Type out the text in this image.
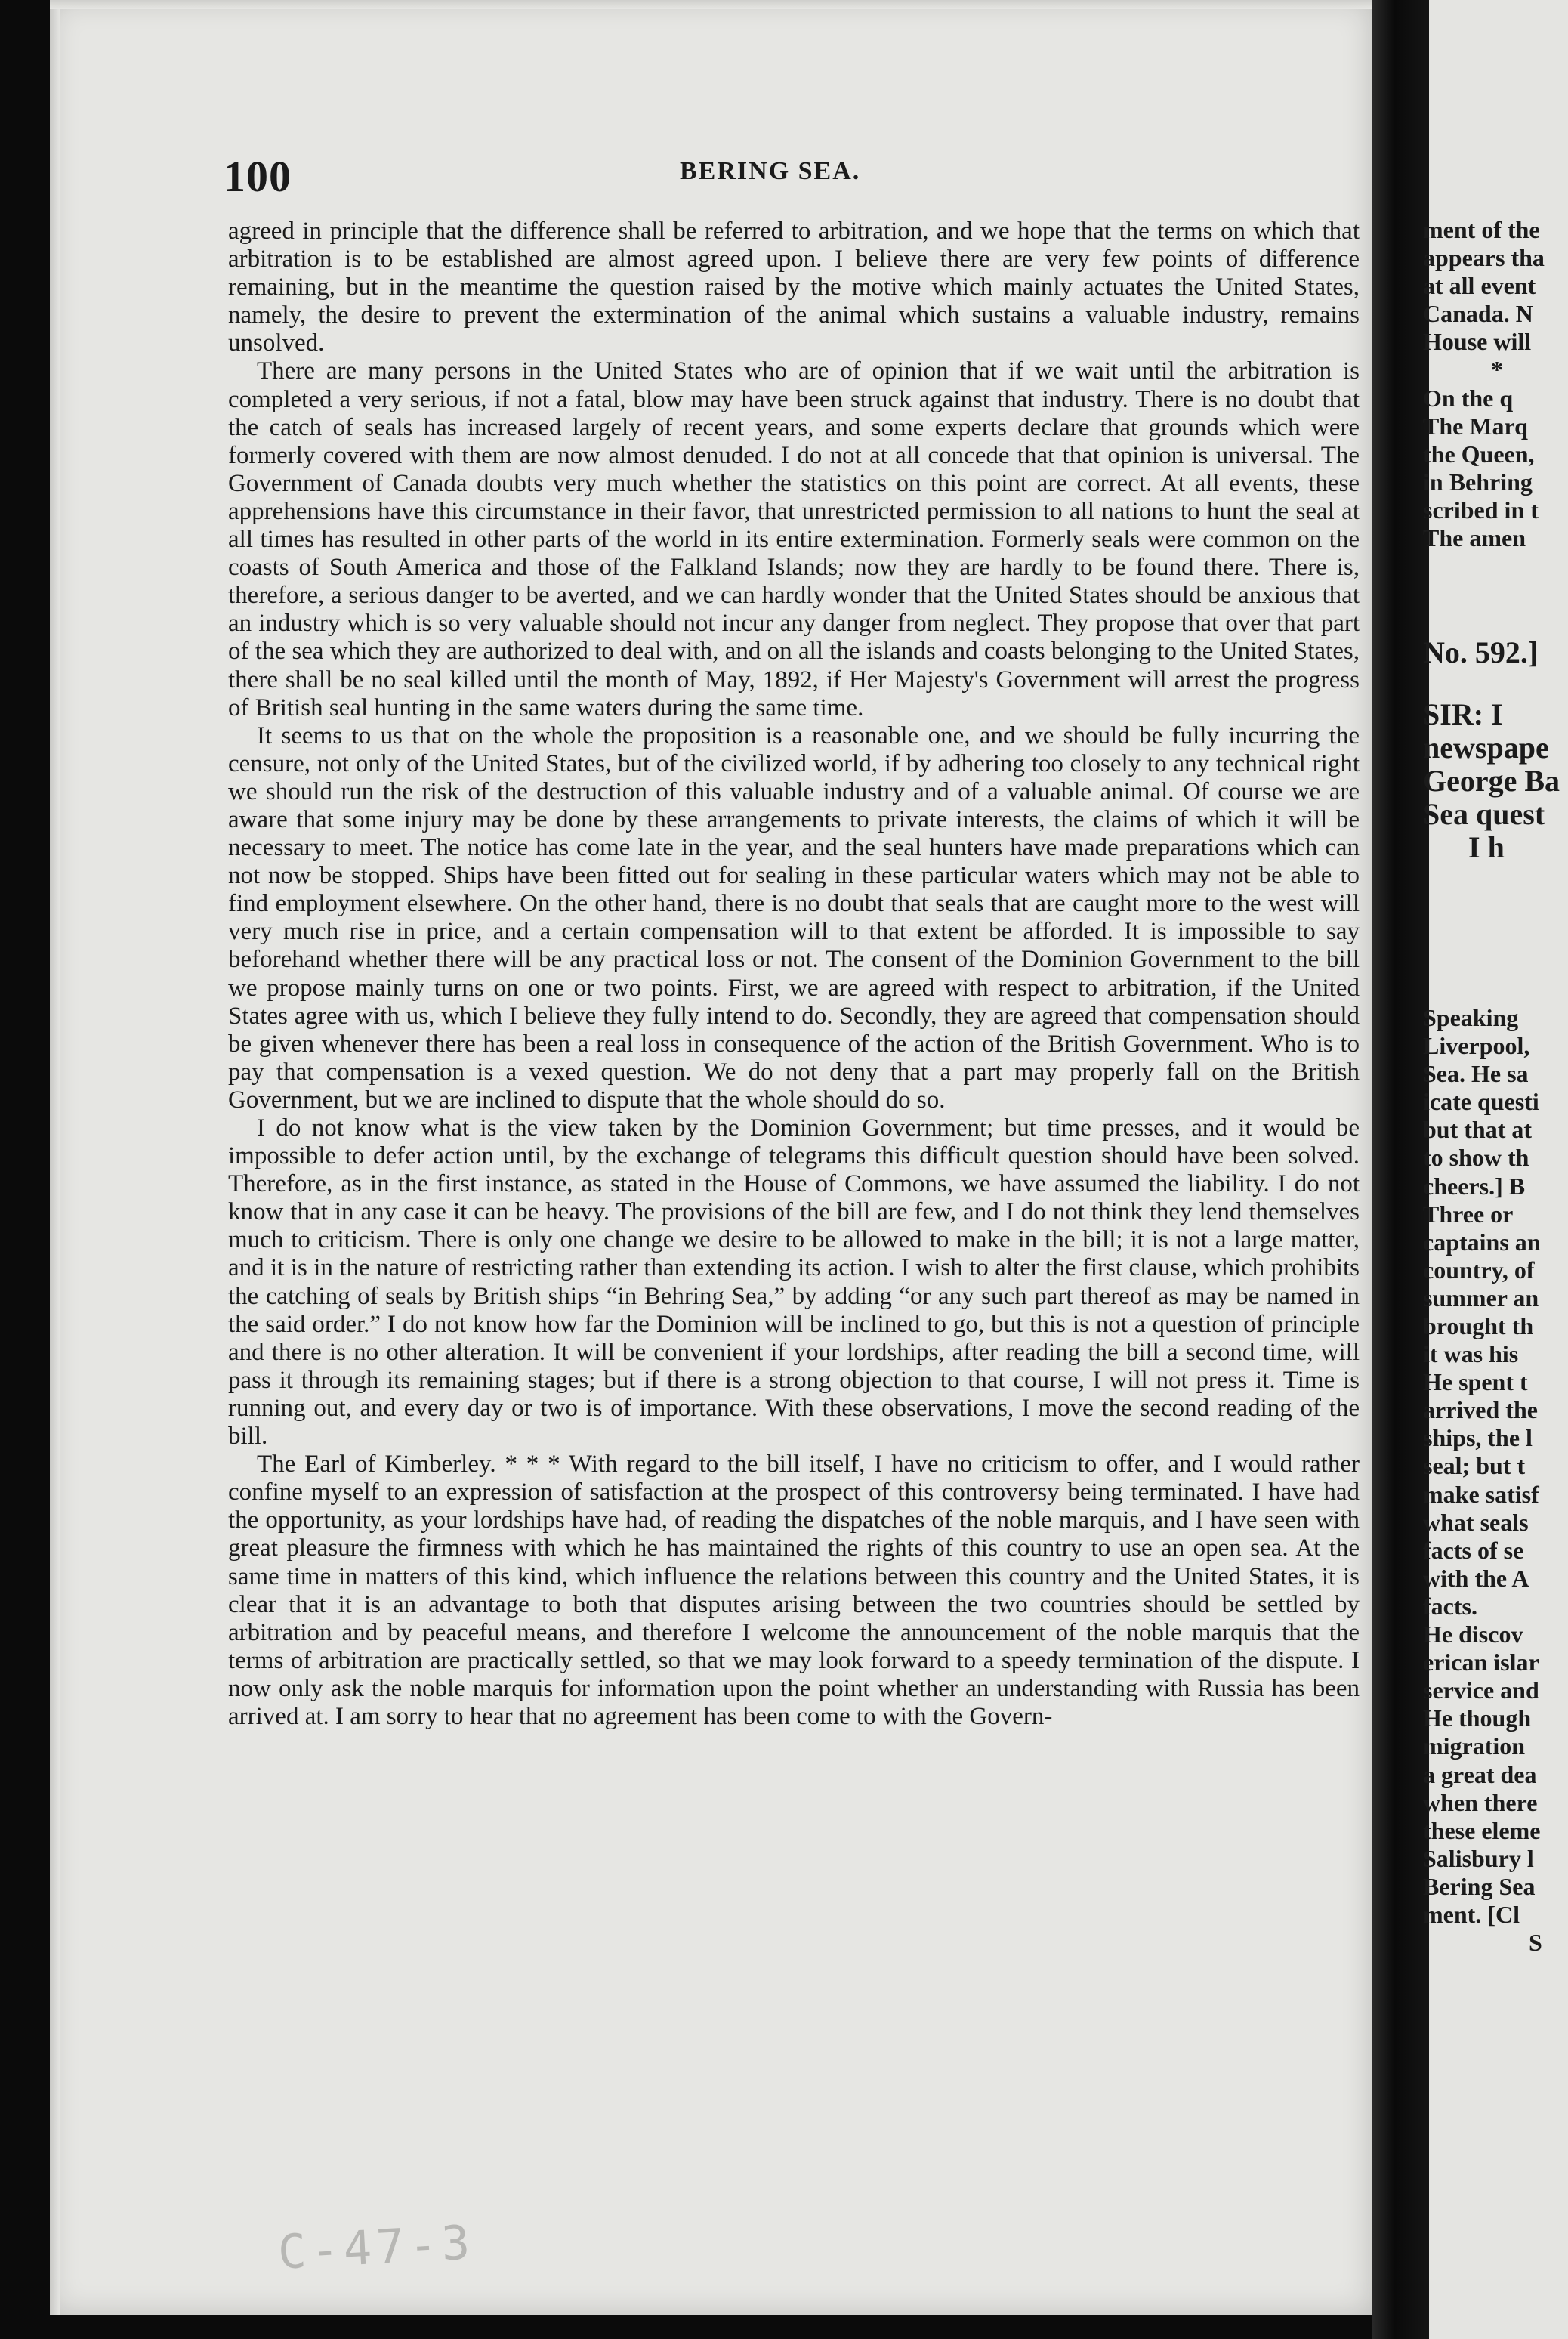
100	BERING SEA.

agreed in principle that the difference shall be referred to arbitration, and we hope that the terms on which that arbitration is to be established are almost agreed upon. I believe there are very few points of difference remaining, but in the meantime the question raised by the motive which mainly actuates the United States, namely, the desire to prevent the extermination of the animal which sustains a valuable industry, remains unsolved.

There are many persons in the United States who are of opinion that if we wait until the arbitration is completed a very serious, if not a fatal, blow may have been struck against that industry. There is no doubt that the catch of seals has increased largely of recent years, and some experts declare that grounds which were formerly covered with them are now almost denuded. I do not at all concede that that opinion is universal. The Government of Canada doubts very much whether the statistics on this point are correct. At all events, these apprehensions have this circumstance in their favor, that unrestricted permission to all nations to hunt the seal at all times has resulted in other parts of the world in its entire extermination. Formerly seals were common on the coasts of South America and those of the Falkland Islands; now they are hardly to be found there. There is, therefore, a serious danger to be averted, and we can hardly wonder that the United States should be anxious that an industry which is so very valuable should not incur any danger from neglect. They propose that over that part of the sea which they are authorized to deal with, and on all the islands and coasts belonging to the United States, there shall be no seal killed until the month of May, 1892, if Her Majesty's Government will arrest the progress of British seal hunting in the same waters during the same time.

It seems to us that on the whole the proposition is a reasonable one, and we should be fully incurring the censure, not only of the United States, but of the civilized world, if by adhering too closely to any technical right we should run the risk of the destruction of this valuable industry and of a valuable animal. Of course we are aware that some injury may be done by these arrangements to private interests, the claims of which it will be necessary to meet. The notice has come late in the year, and the seal hunters have made preparations which can not now be stopped. Ships have been fitted out for sealing in these particular waters which may not be able to find employment elsewhere. On the other hand, there is no doubt that seals that are caught more to the west will very much rise in price, and a certain compensation will to that extent be afforded. It is impossible to say beforehand whether there will be any practical loss or not. The consent of the Dominion Government to the bill we propose mainly turns on one or two points. First, we are agreed with respect to arbitration, if the United States agree with us, which I believe they fully intend to do. Secondly, they are agreed that compensation should be given whenever there has been a real loss in consequence of the action of the British Government. Who is to pay that compensation is a vexed question. We do not deny that a part may properly fall on the British Government, but we are inclined to dispute that the whole should do so.

I do not know what is the view taken by the Dominion Government; but time presses, and it would be impossible to defer action until, by the exchange of telegrams this difficult question should have been solved. Therefore, as in the first instance, as stated in the House of Commons, we have assumed the liability. I do not know that in any case it can be heavy. The provisions of the bill are few, and I do not think they lend themselves much to criticism. There is only one change we desire to be allowed to make in the bill; it is not a large matter, and it is in the nature of restricting rather than extending its action. I wish to alter the first clause, which prohibits the catching of seals by British ships “in Behring Sea,” by adding “or any such part thereof as may be named in the said order.” I do not know how far the Dominion will be inclined to go, but this is not a question of principle and there is no other alteration. It will be convenient if your lordships, after reading the bill a second time, will pass it through its remaining stages; but if there is a strong objection to that course, I will not press it. Time is running out, and every day or two is of importance. With these observations, I move the second reading of the bill.

The Earl of Kimberley. * * * With regard to the bill itself, I have no criticism to offer, and I would rather confine myself to an expression of satisfaction at the prospect of this controversy being terminated. I have had the opportunity, as your lordships have had, of reading the dispatches of the noble marquis, and I have seen with great pleasure the firmness with which he has maintained the rights of this country to use an open sea. At the same time in matters of this kind, which influence the relations between this country and the United States, it is clear that it is an advantage to both that disputes arising between the two countries should be settled by arbitration and by peaceful means, and therefore I welcome the announcement of the noble marquis that the terms of arbitration are practically settled, so that we may look forward to a speedy termination of the dispute. I now only ask the noble marquis for information upon the point whether an understanding with Russia has been arrived at. I am sorry to hear that no agreement has been come to with the Govern-

C-47-3
ment of the
appears tha
at all event
Canada. N
House will
*
On the q
The Marq
the Queen,
in Behring
scribed in t
The amen
No. 592.]
SIR: I
newspape
George Ba
Sea quest
I h
Speaking
Liverpool,
Sea. He sa
icate questi
but that at
to show th
cheers.] B
Three or
captains an
country, of
summer an
brought th
it was his
He spent t
arrived the
ships, the l
seal; but t
make satisf
what seals
facts of se
with the A
facts.
He discov
erican islar
service and
He though
migration
a great dea
when there
these eleme
Salisbury l
Bering Sea
ment. [Cl
S
